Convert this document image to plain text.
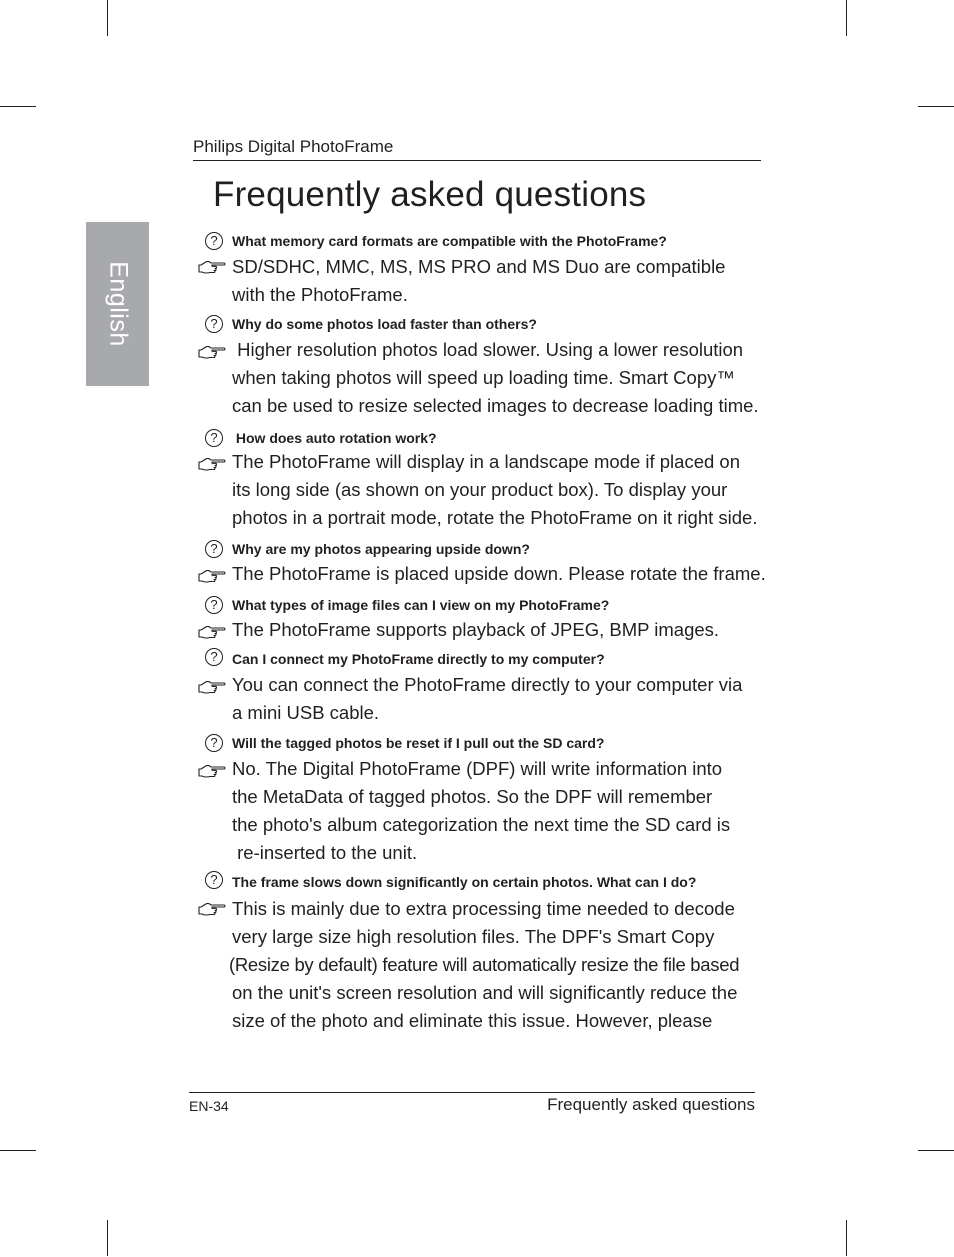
Philips Digital PhotoFrame
Frequently asked questions
English
?	What memory card formats are compatible with the PhotoFrame?
SD/SDHC, MMC, MS, MS PRO and MS Duo are compatible
with the PhotoFrame.
?	Why do some photos load faster than others?
Higher resolution photos load slower. Using a lower resolution
when taking photos will speed up loading time. Smart Copy™
can be used to resize selected images to decrease loading time.
?	How does auto rotation work?
The PhotoFrame will display in a landscape mode if placed on
its long side (as shown on your product box). To display your
photos in a portrait mode, rotate the PhotoFrame on it right side.
?	Why are my photos appearing upside down?
The PhotoFrame is placed upside down. Please rotate the frame.
?	What types of image files can I view on my PhotoFrame?
The PhotoFrame supports playback of JPEG, BMP images.
?	Can I connect my PhotoFrame directly to my computer?
You can connect the PhotoFrame directly to your computer via
a mini USB cable.
?	Will the tagged photos be reset if I pull out the SD card?
No. The Digital PhotoFrame (DPF) will write information into
the MetaData of tagged photos. So the DPF will remember
the photo's album categorization the next time the SD card is
re-inserted to the unit.
?	The frame slows down significantly on certain photos. What can I do?
This is mainly due to extra processing time needed to decode
very large size high resolution files. The DPF's Smart Copy
(Resize by default) feature will automatically resize the file based
on the unit's screen resolution and will significantly reduce the
size of the photo and eliminate this issue. However, please
EN-34	Frequently asked questions
